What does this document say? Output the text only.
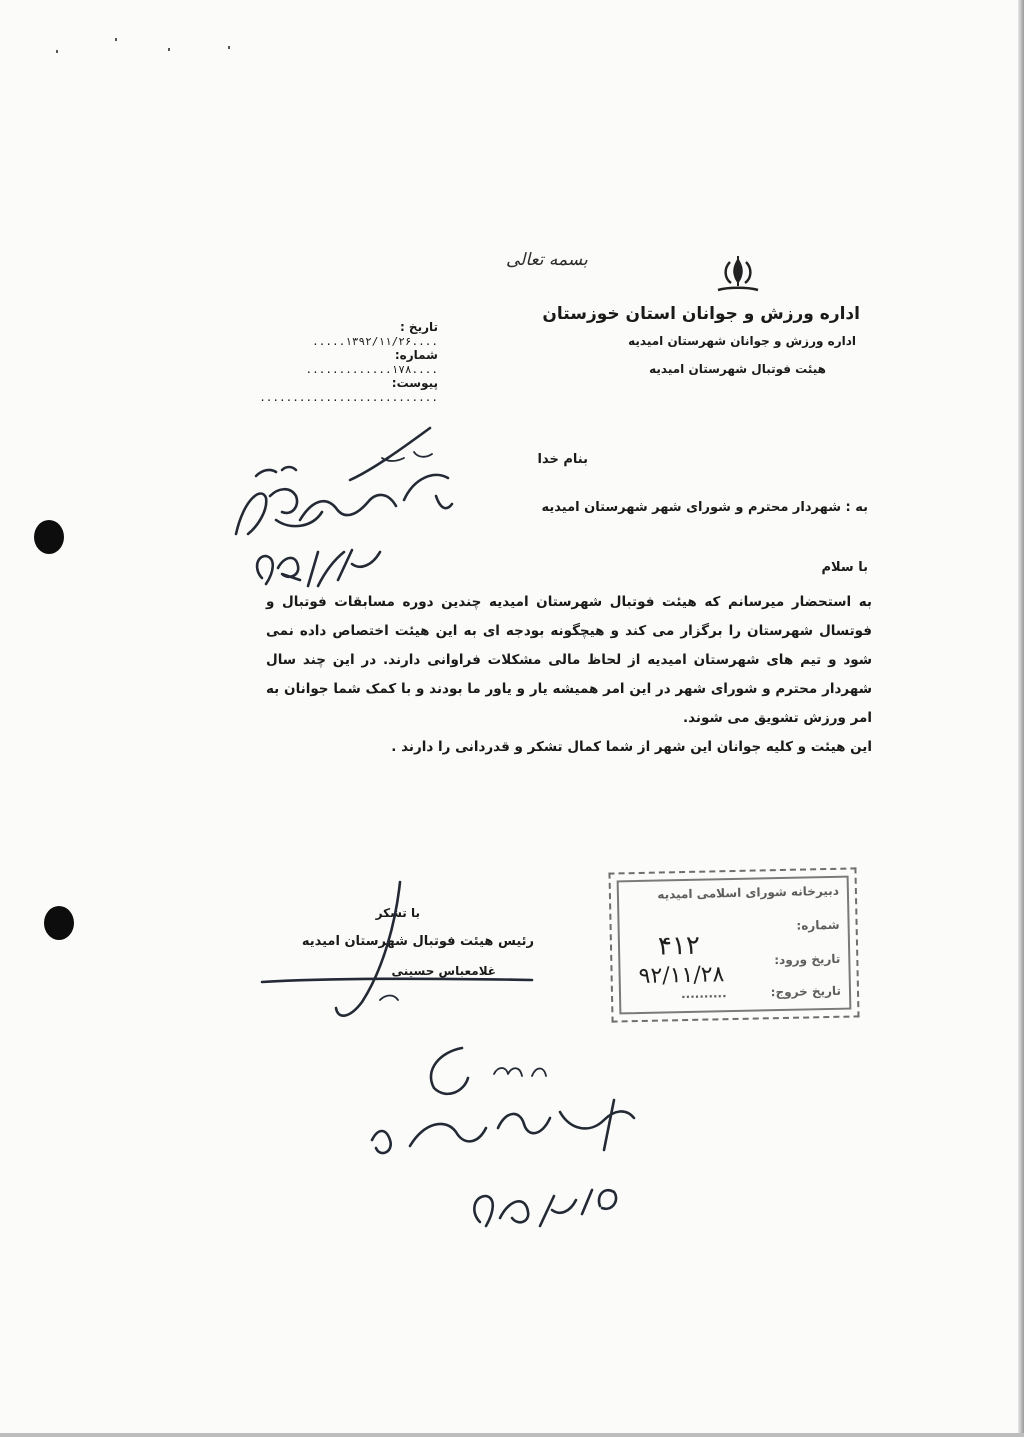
بسمه تعالی
اداره ورزش و جوانان استان خوزستان
اداره ورزش و جوانان شهرستان امیدیه
هیئت فوتبال شهرستان امیدیه
تاریخ : ....۱۳۹۲/۱۱/۲۶.....
شماره: ....۱۷۸.............
پیوست: ...........................
بنام خدا
به : شهردار محترم و شورای شهر شهرستان امیدیه
با سلام

به استحضار میرسانم که هیئت فوتبال شهرستان امیدیه چندین دوره مسابقات فوتبال و فوتسال شهرستان را برگزار می کند و هیچگونه بودجه ای به این هیئت اختصاص داده نمی شود و تیم های شهرستان امیدیه از لحاظ مالی مشکلات فراوانی دارند. در این چند سال شهردار محترم و شورای شهر در این امر همیشه یار و یاور ما بودند و با کمک شما جوانان به امر ورزش تشویق می شوند.

این هیئت و کلیه جوانان این شهر از شما کمال تشکر و قدردانی را دارند .

با تشکر
رئیس هیئت فوتبال شهرستان امیدیه
غلامعباس حسینی
دبیرخانه شورای اسلامی امیدیه
شماره:
۴۱۲	تاریخ ورود:
۹۲/۱۱/۲۸
تاریخ خروج:
..........
